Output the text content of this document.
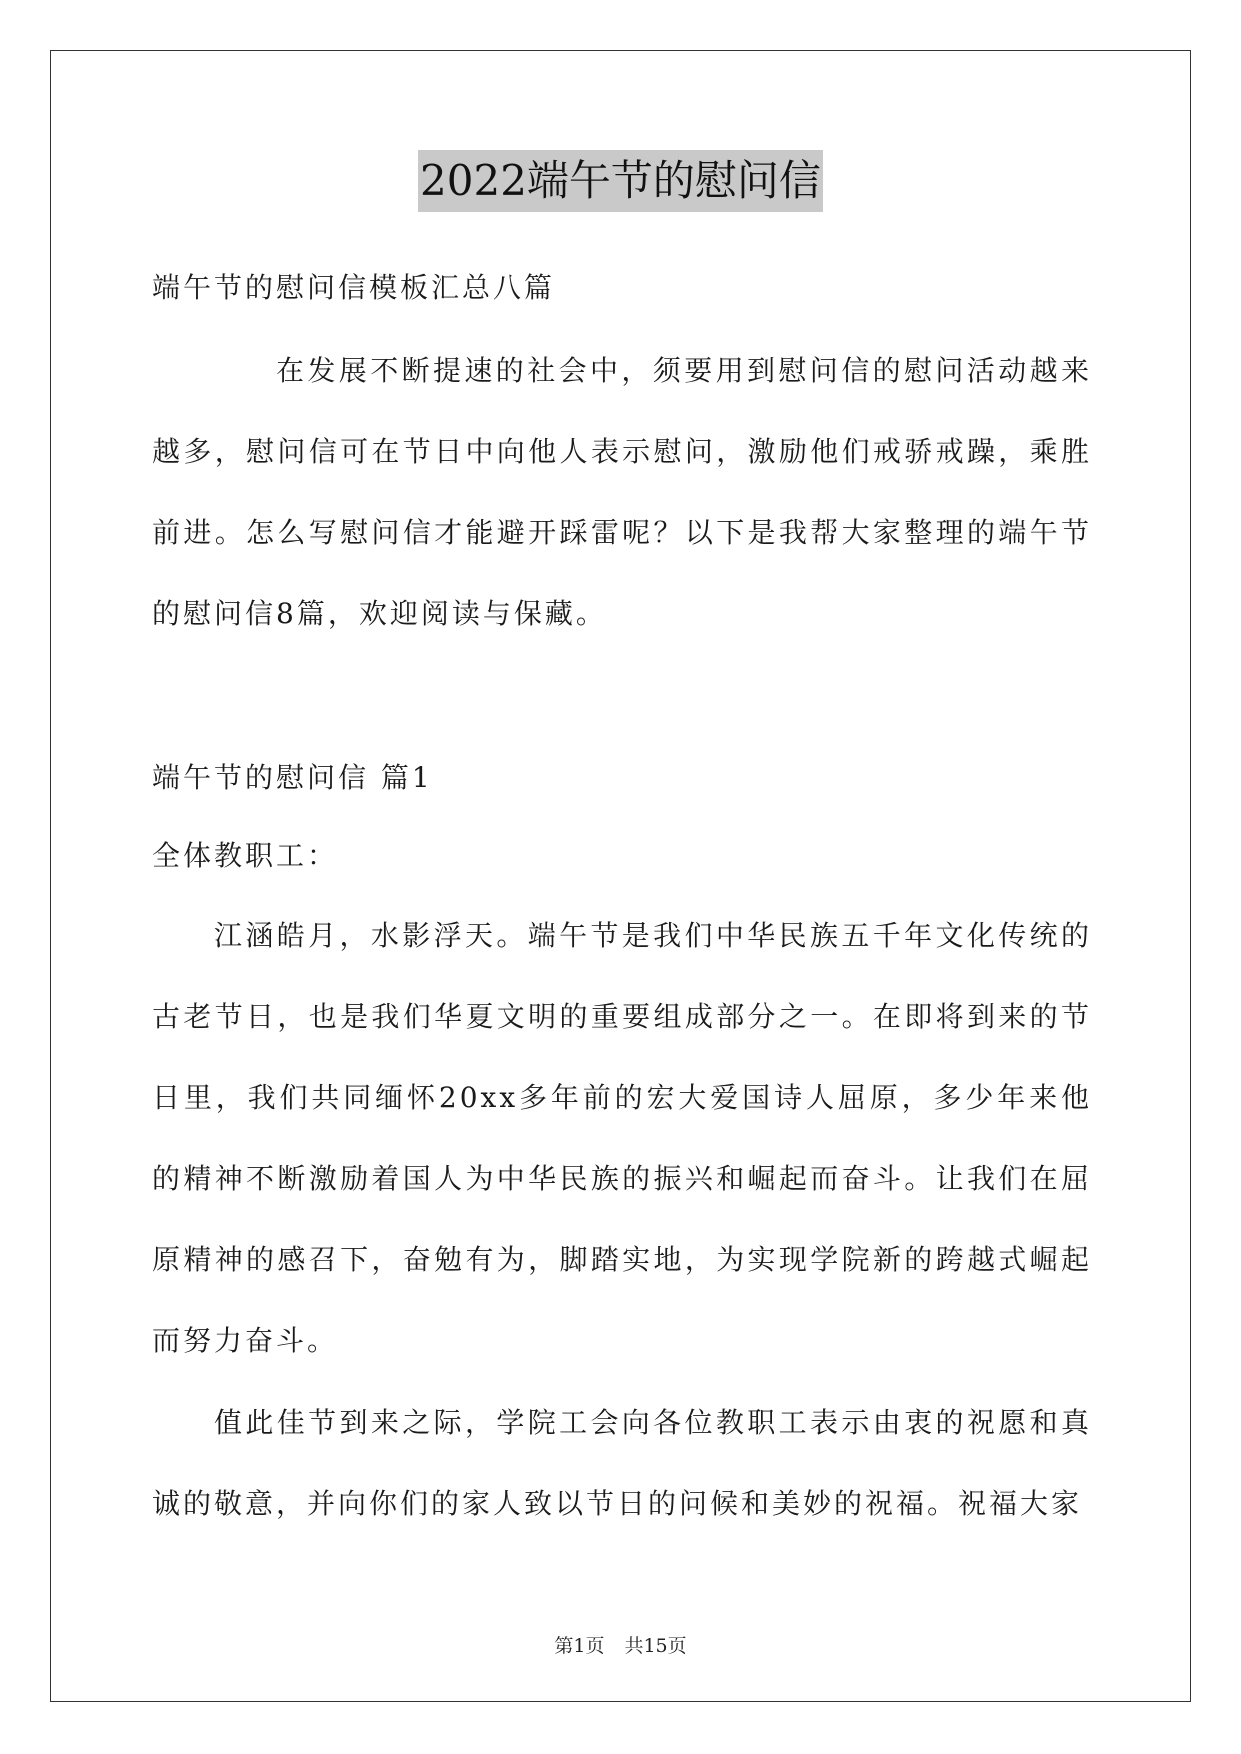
2022端午节的慰问信

端午节的慰问信模板汇总八篇

在发展不断提速的社会中，须要用到慰问信的慰问活动越来越多，慰问信可在节日中向他人表示慰问，激励他们戒骄戒躁，乘胜前进。怎么写慰问信才能避开踩雷呢？以下是我帮大家整理的端午节的慰问信8篇，欢迎阅读与保藏。

端午节的慰问信 篇1

全体教职工：

江涵皓月，水影浮天。端午节是我们中华民族五千年文化传统的古老节日，也是我们华夏文明的重要组成部分之一。在即将到来的节日里，我们共同缅怀20xx多年前的宏大爱国诗人屈原，多少年来他的精神不断激励着国人为中华民族的振兴和崛起而奋斗。让我们在屈原精神的感召下，奋勉有为，脚踏实地，为实现学院新的跨越式崛起而努力奋斗。

值此佳节到来之际，学院工会向各位教职工表示由衷的祝愿和真诚的敬意，并向你们的家人致以节日的问候和美妙的祝福。祝福大家

第1页 共15页
